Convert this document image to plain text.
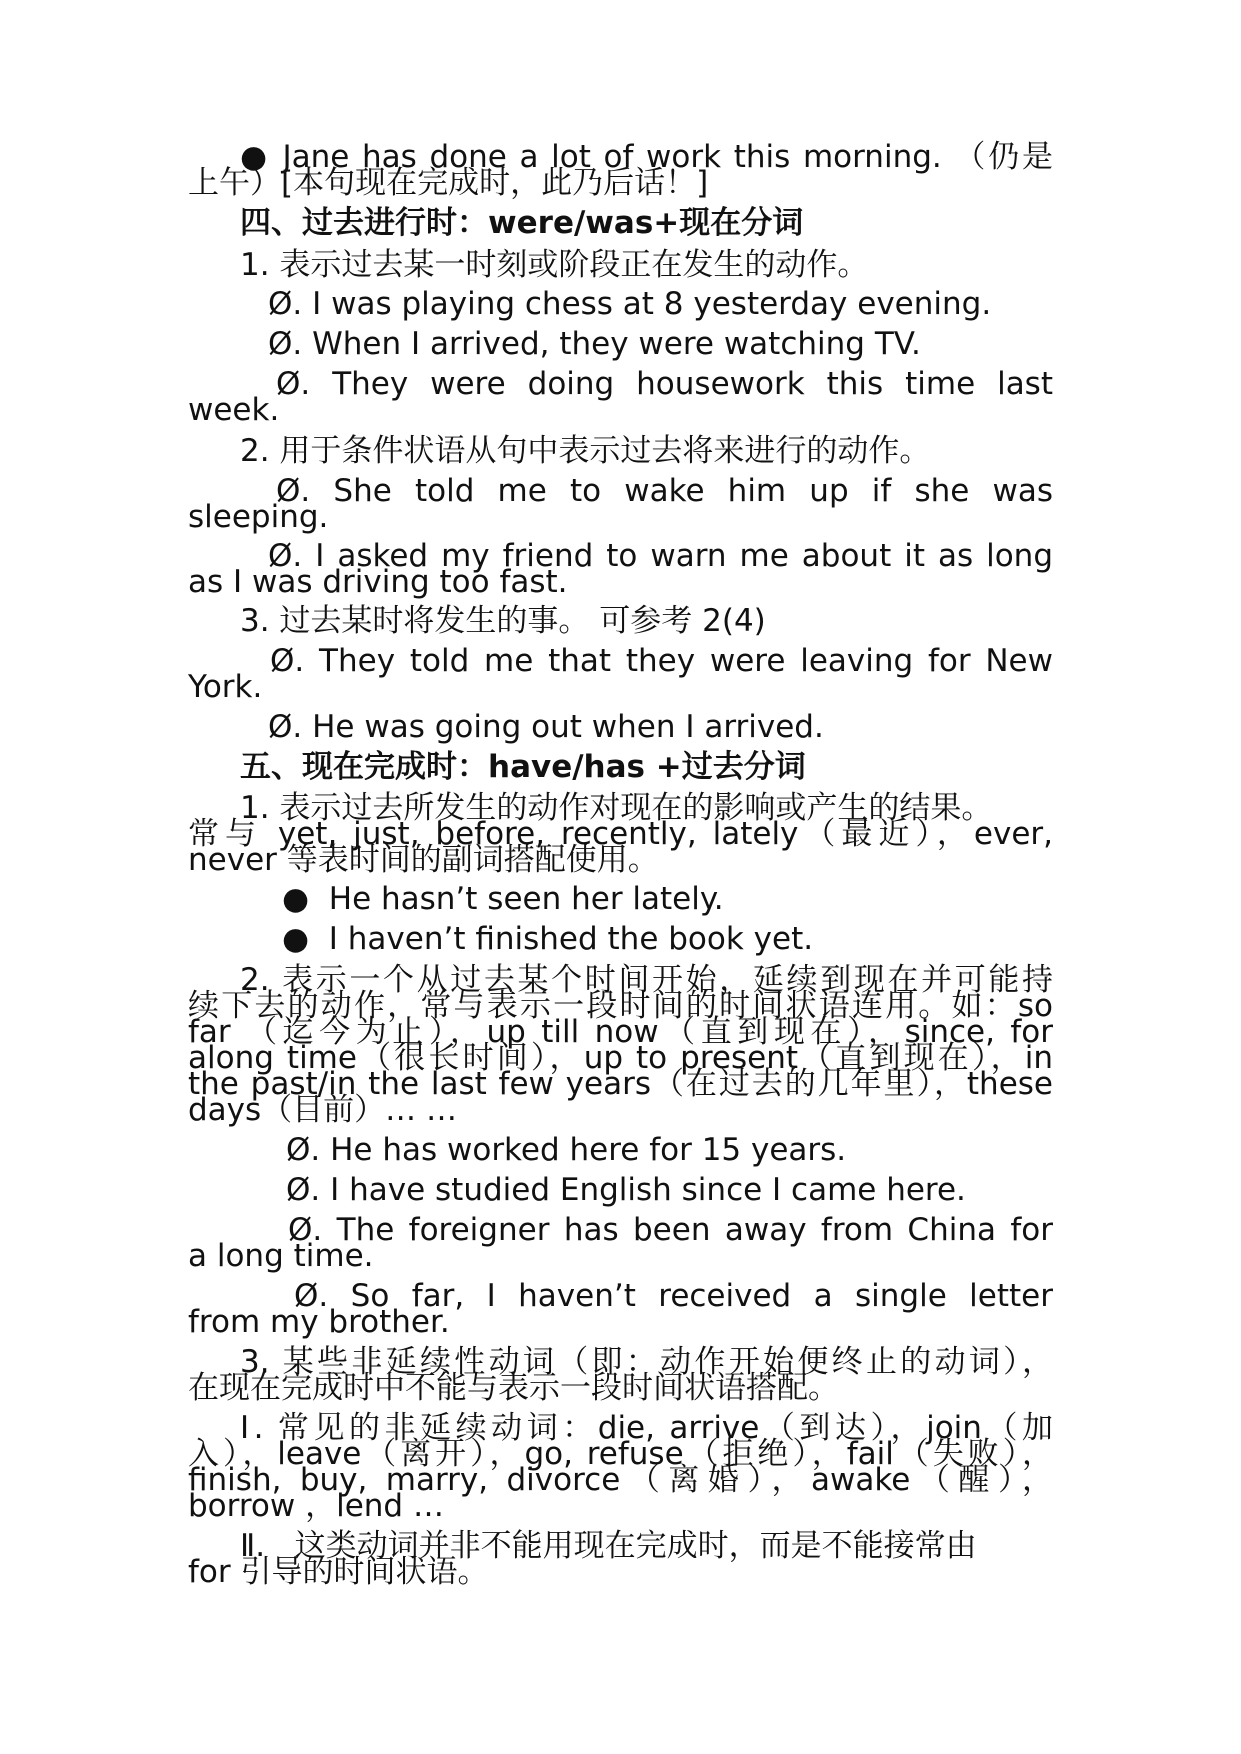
● Jane has done a lot of work this morning. （仍是

上午）[本句现在完成时，此乃后话！]

四、过去进行时：were/was+现在分词

1. 表示过去某一时刻或阶段正在发生的动作。

Ø. I was playing chess at 8 yesterday evening.

Ø. When I arrived, they were watching TV.

Ø. They were doing housework this time last

week.

2. 用于条件状语从句中表示过去将来进行的动作。

Ø. She told me to wake him up if she was

sleeping.

Ø. I asked my friend to warn me about it as long

as I was driving too fast.

3. 过去某时将发生的事。 可参考 2(4)

Ø. They told me that they were leaving for New

York.

Ø. He was going out when I arrived.

五、现在完成时：have/has +过去分词

1. 表示过去所发生的动作对现在的影响或产生的结果。

常与 yet, just, before, recently, lately（最近），ever,

never 等表时间的副词搭配使用。

●  He hasn’t seen her lately.

●  I haven’t finished the book yet.

2. 表示一个从过去某个时间开始，延续到现在并可能持

续下去的动作，常与表示一段时间的时间状语连用。如：so

far （迄今为止），up till now（直到现在），since, for

along time（很长时间），up to present（直到现在），in

the past/in the last few years（在过去的几年里），these

days（目前）… …

Ø. He has worked here for 15 years.

Ø. I have studied English since I came here.

Ø. The foreigner has been away from China for

a long time.

Ø. So far, I haven’t received a single letter

from my brother.

3. 某些非延续性动词（即：动作开始便终止的动词），

在现在完成时中不能与表示一段时间状语搭配。

Ⅰ. 常见的非延续动词：die, arrive（到达），join（加

入），leave（离开），go, refuse（拒绝），fail（失败），

finish, buy, marry, divorce（离婚），awake（醒），

borrow ，lend …

Ⅱ.   这类动词并非不能用现在完成时，而是不能接常由

for 引导的时间状语。
